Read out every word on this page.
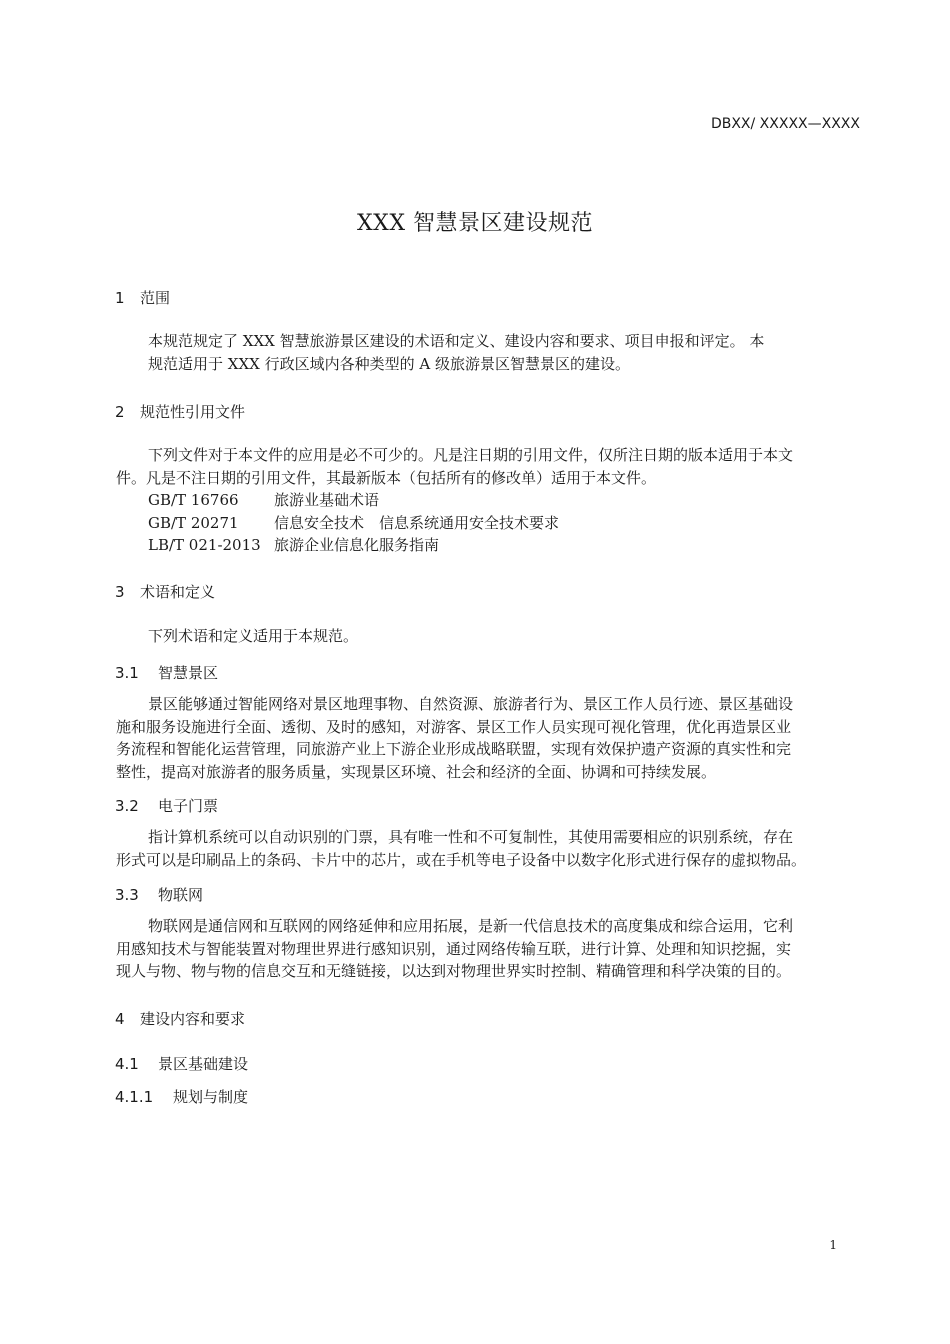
DBXX/ XXXXX—XXXX
XXX 智慧景区建设规范
1 范围

本规范规定了 XXX 智慧旅游景区建设的术语和定义、建设内容和要求、项目申报和评定。 本

规范适用于 XXX 行政区域内各种类型的 A 级旅游景区智慧景区的建设。

2 规范性引用文件

下列文件对于本文件的应用是必不可少的。凡是注日期的引用文件，仅所注日期的版本适用于本文

件。凡是不注日期的引用文件，其最新版本（包括所有的修改单）适用于本文件。

GB/T 16766 旅游业基础术语
GB/T 20271 信息安全技术　信息系统通用安全技术要求
LB/T 021-2013 旅游企业信息化服务指南
3 术语和定义

下列术语和定义适用于本规范。

3.1 智慧景区

景区能够通过智能网络对景区地理事物、自然资源、旅游者行为、景区工作人员行迹、景区基础设

施和服务设施进行全面、透彻、及时的感知，对游客、景区工作人员实现可视化管理，优化再造景区业

务流程和智能化运营管理，同旅游产业上下游企业形成战略联盟，实现有效保护遗产资源的真实性和完

整性，提高对旅游者的服务质量，实现景区环境、社会和经济的全面、协调和可持续发展。

3.2 电子门票

指计算机系统可以自动识别的门票，具有唯一性和不可复制性，其使用需要相应的识别系统，存在

形式可以是印刷品上的条码、卡片中的芯片，或在手机等电子设备中以数字化形式进行保存的虚拟物品。

3.3 物联网

物联网是通信网和互联网的网络延伸和应用拓展，是新一代信息技术的高度集成和综合运用，它利

用感知技术与智能装置对物理世界进行感知识别，通过网络传输互联，进行计算、处理和知识挖掘，实

现人与物、物与物的信息交互和无缝链接，以达到对物理世界实时控制、精确管理和科学决策的目的。

4 建设内容和要求
4.1 景区基础建设
4.1.1 规划与制度
1
